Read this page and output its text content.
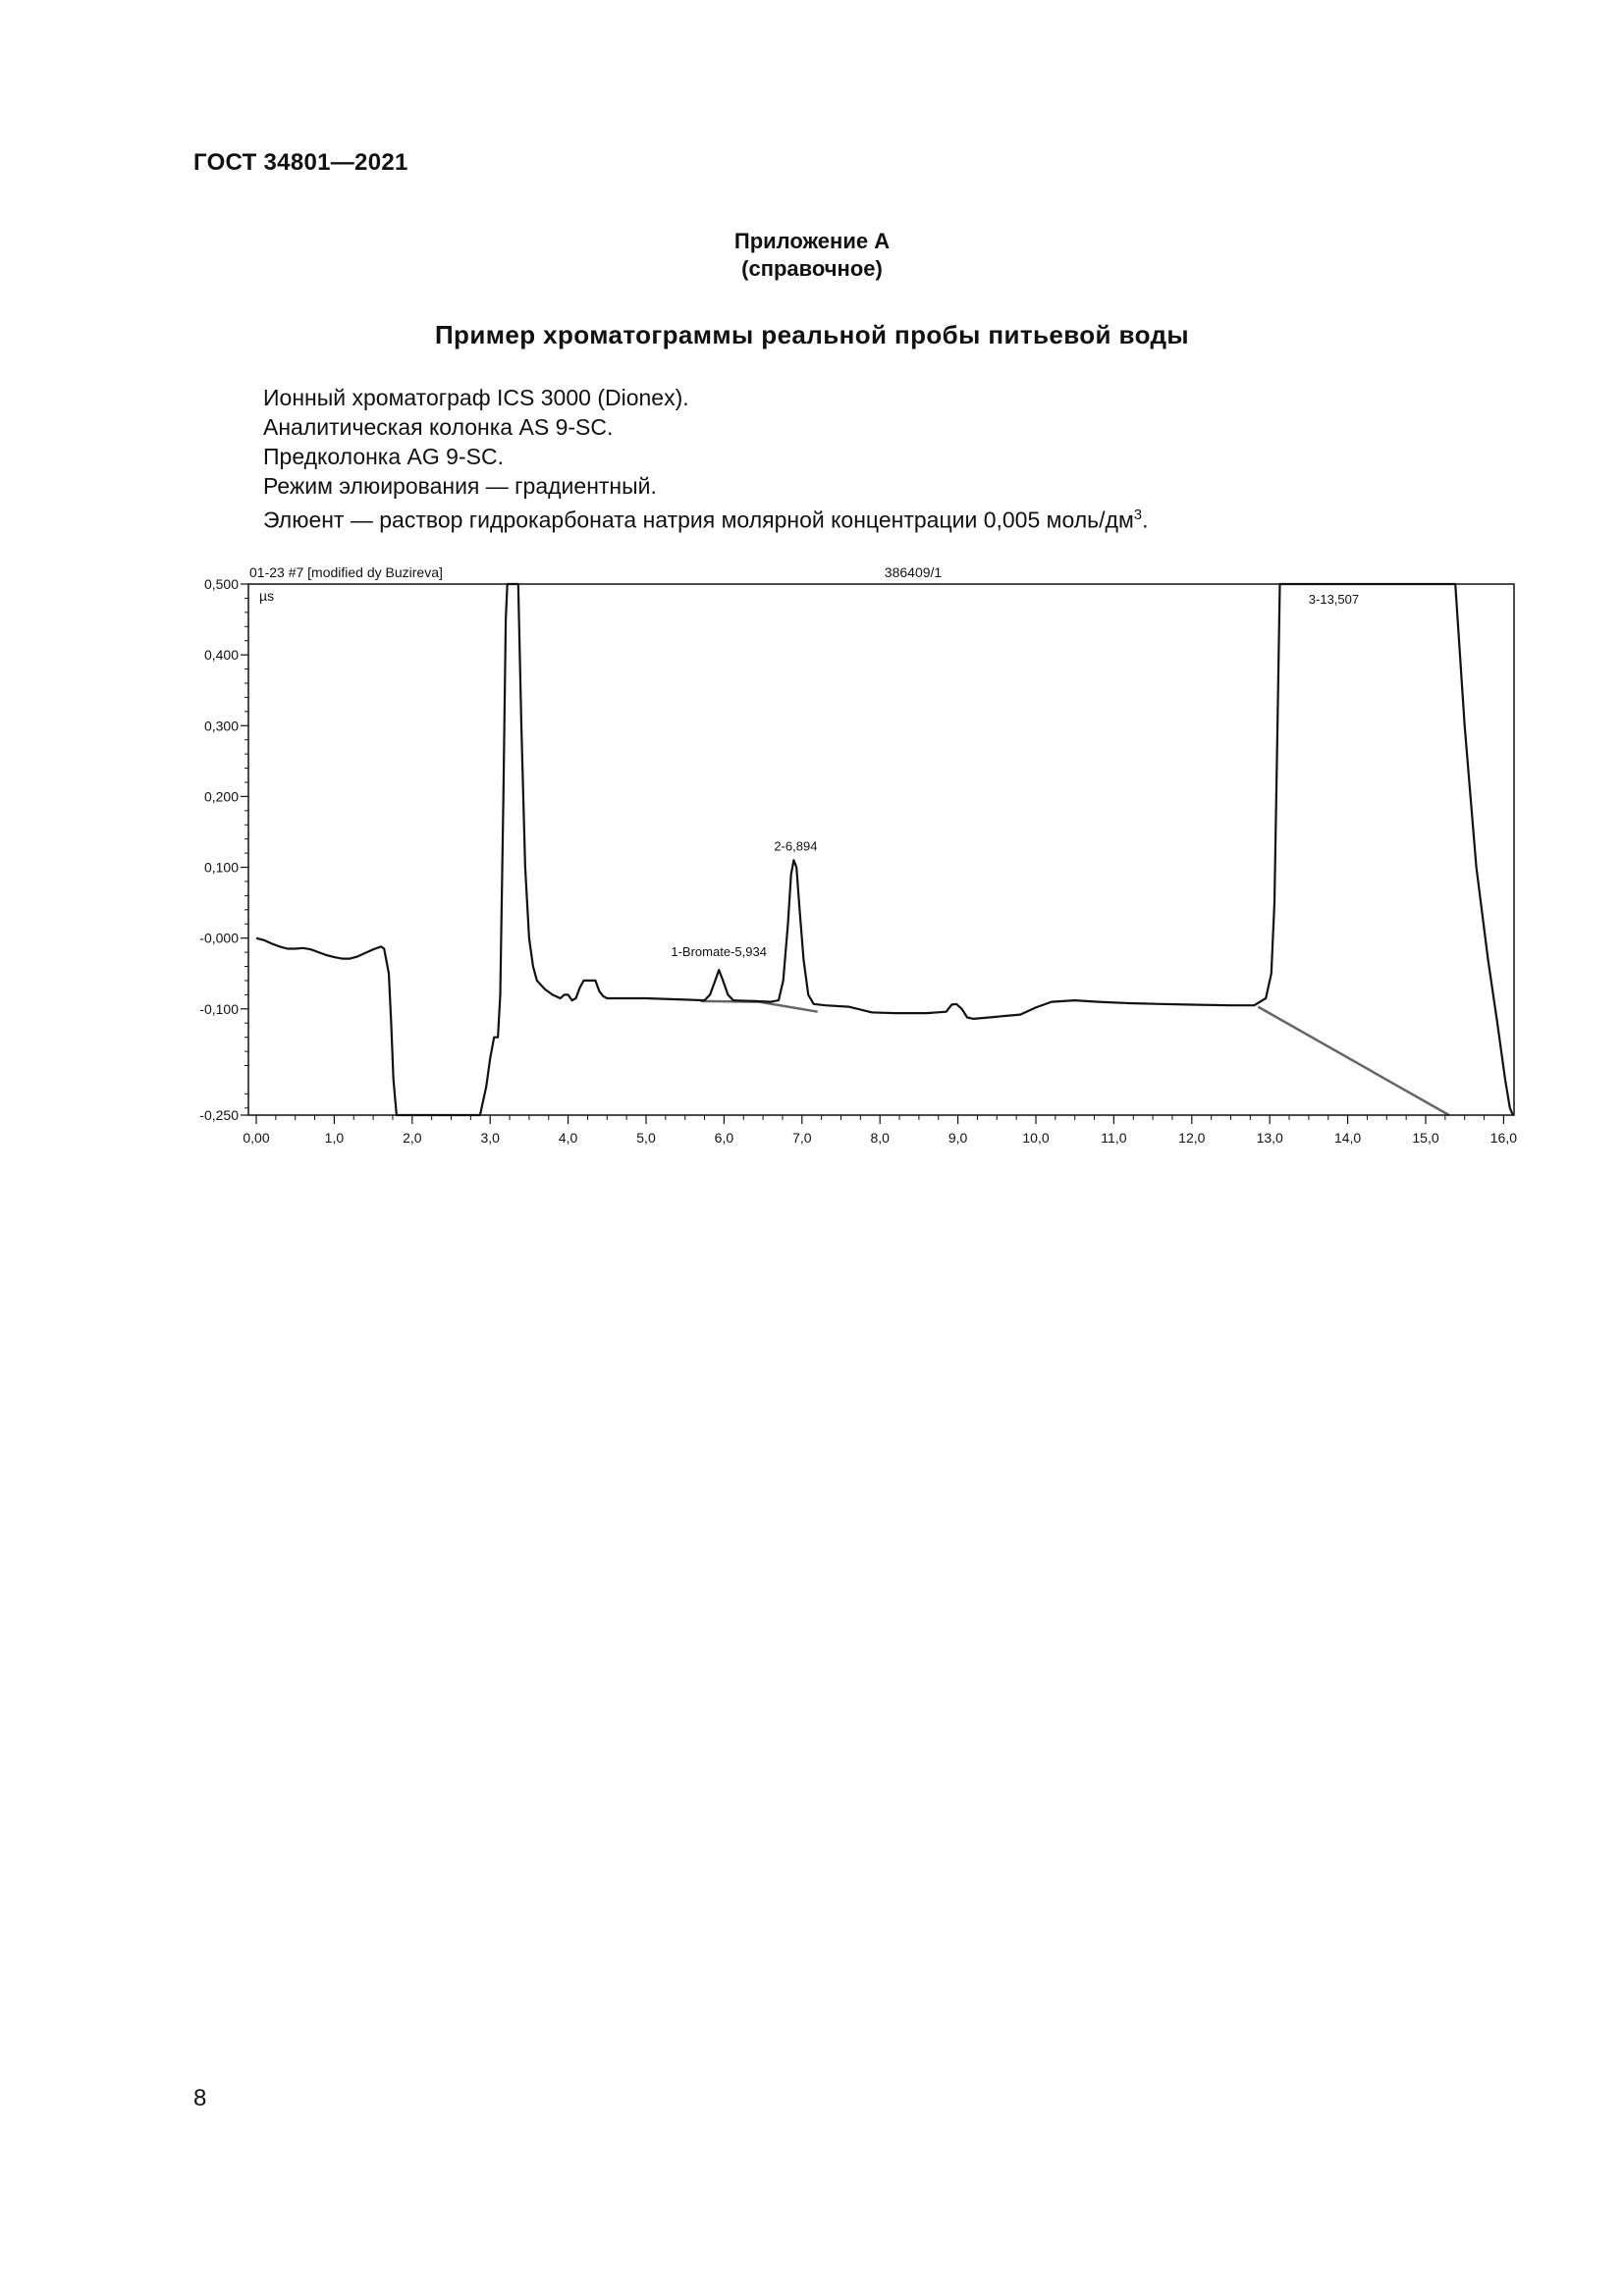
ГОСТ 34801—2021
Приложение А
(справочное)
Пример хроматограммы реальной пробы питьевой воды
Ионный хроматограф ICS 3000 (Dionex).
Аналитическая колонка AS 9-SC.
Предколонка AG 9-SC.
Режим элюирования — градиентный.
Элюент — раствор гидрокарбоната натрия молярной концентрации 0,005 моль/$дм^3$.
01-23 #7 [modified dy Buzireva]	386409/1
µs
0,500
0,400
0,300
0,200
0,100
-0,000
-0,100
-0,250
0,00	1,0	2,0	3,0	4,0	5,0	6,0	7,0	8,0	9,0	10,0	11,0	12,0	13,0	14,0	15,0	16,0
1-Bromate-5,934
2-6,894
3-13,507
8
